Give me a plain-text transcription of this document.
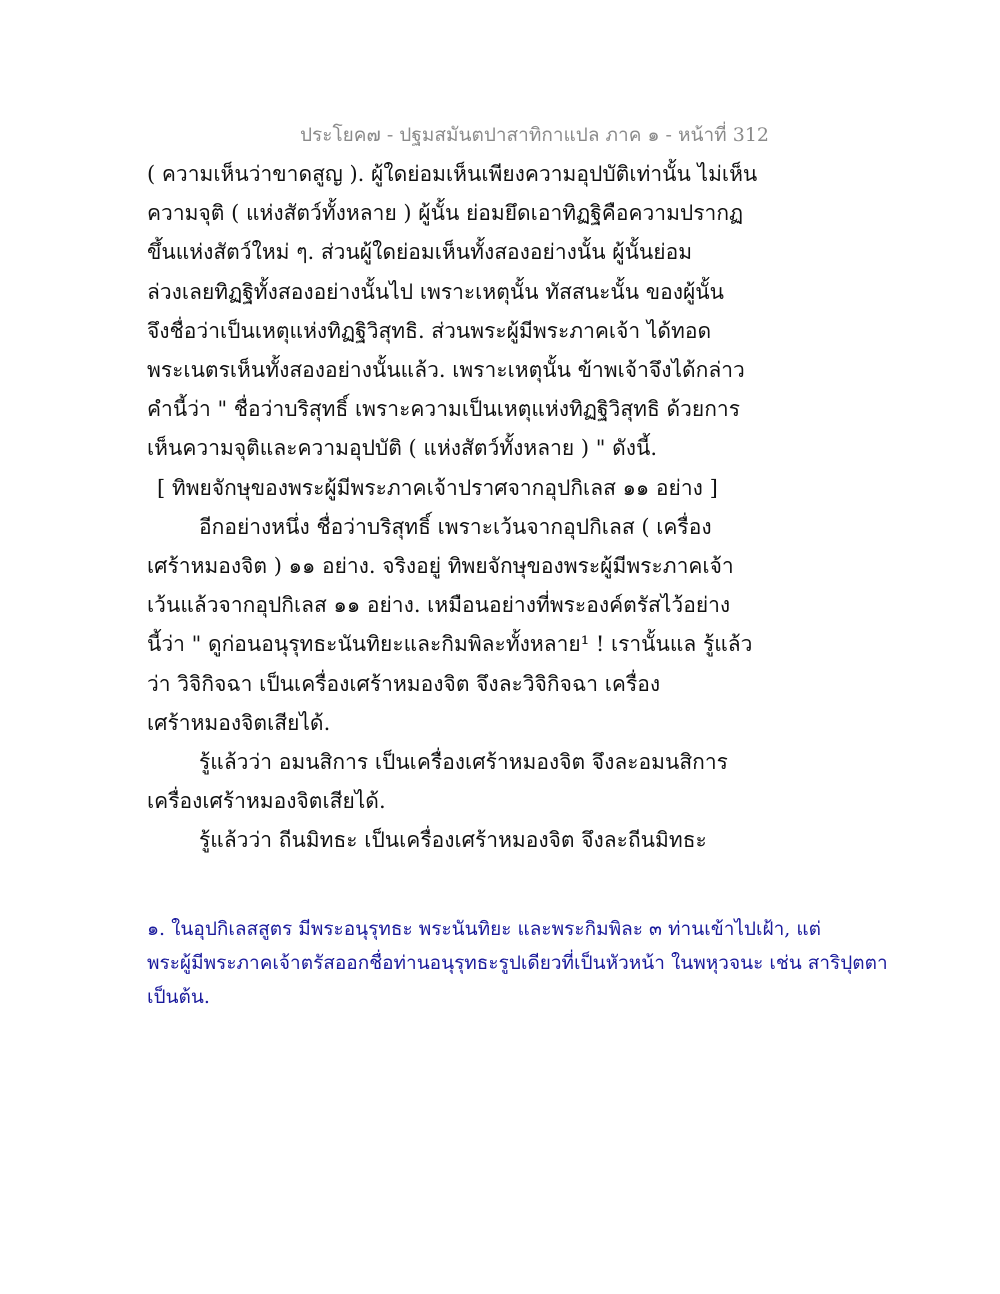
ประโยค๗ - ปฐมสมันตปาสาทิกาแปล ภาค ๑ - หน้าที่ 312
( ความเห็นว่าขาดสูญ ). ผู้ใดย่อมเห็นเพียงความอุปบัติเท่านั้น ไม่เห็น
ความจุติ ( แห่งสัตว์ทั้งหลาย ) ผู้นั้น ย่อมยึดเอาทิฏฐิคือความปรากฏ
ขึ้นแห่งสัตว์ใหม่ ๆ. ส่วนผู้ใดย่อมเห็นทั้งสองอย่างนั้น ผู้นั้นย่อม
ล่วงเลยทิฏฐิทั้งสองอย่างนั้นไป เพราะเหตุนั้น ทัสสนะนั้น ของผู้นั้น
จึงชื่อว่าเป็นเหตุแห่งทิฏฐิวิสุทธิ. ส่วนพระผู้มีพระภาคเจ้า ได้ทอด
พระเนตรเห็นทั้งสองอย่างนั้นแล้ว. เพราะเหตุนั้น ข้าพเจ้าจึงได้กล่าว
คำนี้ว่า " ชื่อว่าบริสุทธิ์ เพราะความเป็นเหตุแห่งทิฏฐิวิสุทธิ ด้วยการ
เห็นความจุติและความอุปบัติ ( แห่งสัตว์ทั้งหลาย ) " ดังนี้.
[ ทิพยจักษุของพระผู้มีพระภาคเจ้าปราศจากอุปกิเลส ๑๑ อย่าง ]
อีกอย่างหนึ่ง ชื่อว่าบริสุทธิ์ เพราะเว้นจากอุปกิเลส ( เครื่อง
เศร้าหมองจิต ) ๑๑ อย่าง. จริงอยู่ ทิพยจักษุของพระผู้มีพระภาคเจ้า
เว้นแล้วจากอุปกิเลส ๑๑ อย่าง. เหมือนอย่างที่พระองค์ตรัสไว้อย่าง
นี้ว่า " ดูก่อนอนุรุทธะนันทิยะและกิมพิละทั้งหลาย¹ ! เรานั้นแล รู้แล้ว
ว่า วิจิกิจฉา เป็นเครื่องเศร้าหมองจิต จึงละวิจิกิจฉา เครื่อง
เศร้าหมองจิตเสียได้.
รู้แล้วว่า อมนสิการ เป็นเครื่องเศร้าหมองจิต จึงละอมนสิการ
เครื่องเศร้าหมองจิตเสียได้.
รู้แล้วว่า ถีนมิทธะ เป็นเครื่องเศร้าหมองจิต จึงละถีนมิทธะ
๑. ในอุปกิเลสสูตร มีพระอนุรุทธะ พระนันทิยะ และพระกิมพิละ ๓ ท่านเข้าไปเฝ้า, แต่
พระผู้มีพระภาคเจ้าตรัสออกชื่อท่านอนุรุทธะรูปเดียวที่เป็นหัวหน้า ในพหุวจนะ เช่น สาริปุตตา
เป็นต้น.
